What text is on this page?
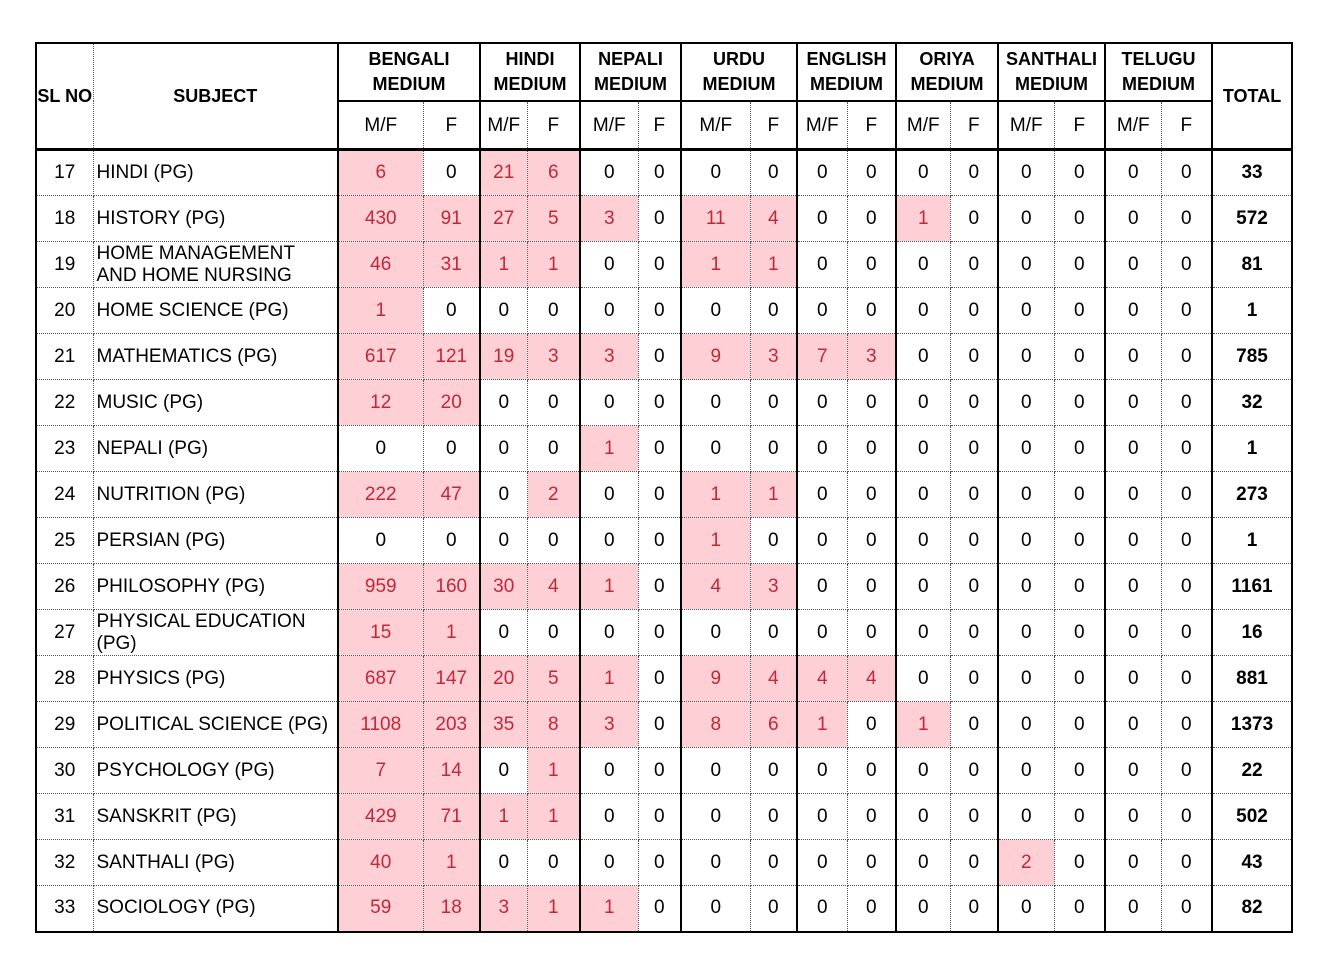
SL NO	SUBJECT	BENGALI MEDIUM		HINDI MEDIUM		NEPALI MEDIUM		URDU MEDIUM		ENGLISH MEDIUM		ORIYA MEDIUM		SANTHALI MEDIUM		TELUGU MEDIUM		TOTAL
		M/F	F	M/F	F	M/F	F	M/F	F	M/F	F	M/F	F	M/F	F	M/F	F	
17	HINDI (PG)	6	0	21	6	0	0	0	0	0	0	0	0	0	0	0	0	33
18	HISTORY (PG)	430	91	27	5	3	0	11	4	0	0	1	0	0	0	0	0	572
19	HOME MANAGEMENT AND HOME NURSING	46	31	1	1	0	0	1	1	0	0	0	0	0	0	0	0	81
20	HOME SCIENCE (PG)	1	0	0	0	0	0	0	0	0	0	0	0	0	0	0	0	1
21	MATHEMATICS (PG)	617	121	19	3	3	0	9	3	7	3	0	0	0	0	0	0	785
22	MUSIC (PG)	12	20	0	0	0	0	0	0	0	0	0	0	0	0	0	0	32
23	NEPALI (PG)	0	0	0	0	1	0	0	0	0	0	0	0	0	0	0	0	1
24	NUTRITION (PG)	222	47	0	2	0	0	1	1	0	0	0	0	0	0	0	0	273
25	PERSIAN (PG)	0	0	0	0	0	0	1	0	0	0	0	0	0	0	0	0	1
26	PHILOSOPHY (PG)	959	160	30	4	1	0	4	3	0	0	0	0	0	0	0	0	1161
27	PHYSICAL EDUCATION (PG)	15	1	0	0	0	0	0	0	0	0	0	0	0	0	0	0	16
28	PHYSICS (PG)	687	147	20	5	1	0	9	4	4	4	0	0	0	0	0	0	881
29	POLITICAL SCIENCE (PG)	1108	203	35	8	3	0	8	6	1	0	1	0	0	0	0	0	1373
30	PSYCHOLOGY (PG)	7	14	0	1	0	0	0	0	0	0	0	0	0	0	0	0	22
31	SANSKRIT (PG)	429	71	1	1	0	0	0	0	0	0	0	0	0	0	0	0	502
32	SANTHALI (PG)	40	1	0	0	0	0	0	0	0	0	0	0	2	0	0	0	43
33	SOCIOLOGY (PG)	59	18	3	1	1	0	0	0	0	0	0	0	0	0	0	0	82
